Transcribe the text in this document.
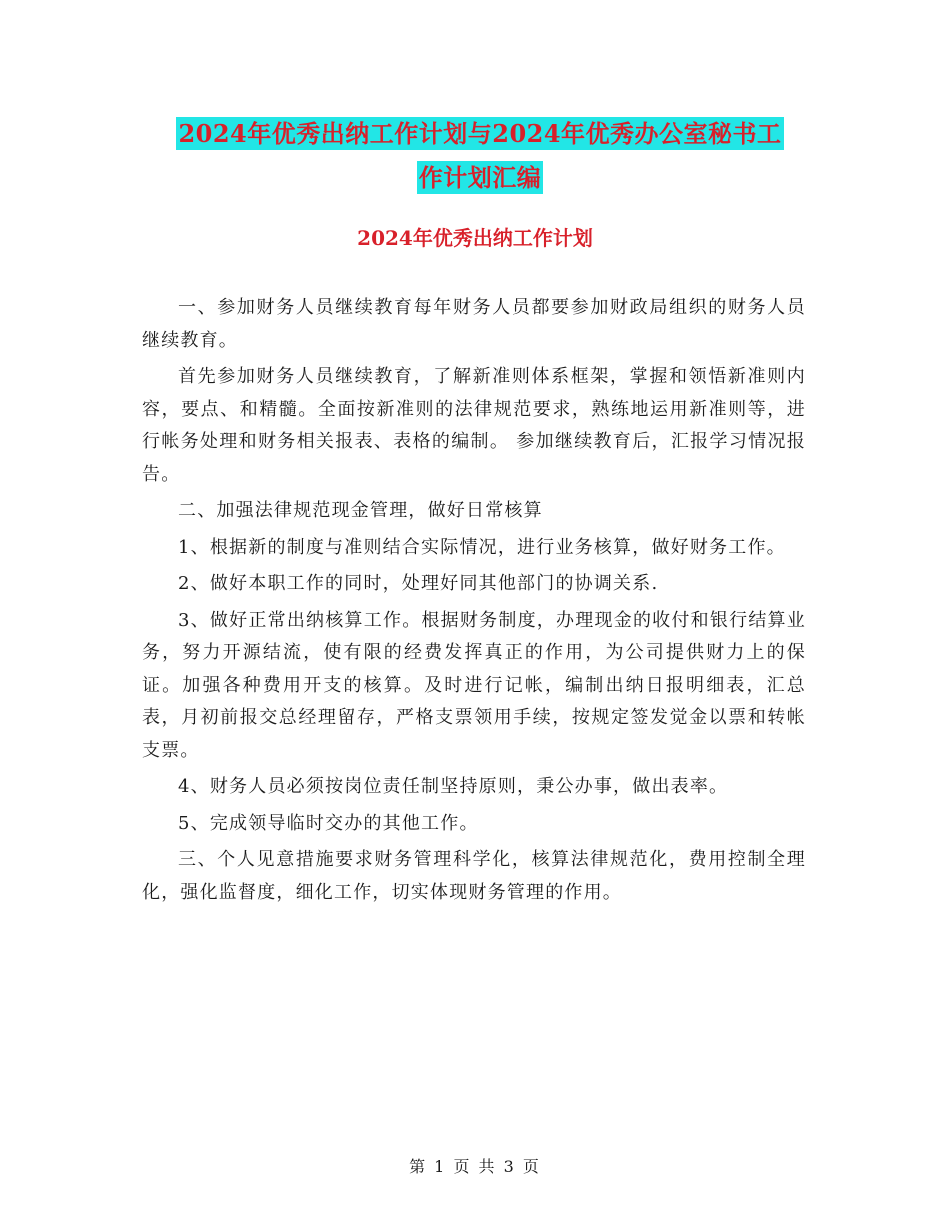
2024年优秀出纳工作计划与2024年优秀办公室秘书工
作计划汇编
2024年优秀出纳工作计划

一、参加财务人员继续教育每年财务人员都要参加财政局组织的财务人员继续教育。

首先参加财务人员继续教育，了解新准则体系框架，掌握和领悟新准则内容，要点、和精髓。全面按新准则的法律规范要求，熟练地运用新准则等，进行帐务处理和财务相关报表、表格的编制。 参加继续教育后，汇报学习情况报告。

二、加强法律规范现金管理，做好日常核算

1、根据新的制度与准则结合实际情况，进行业务核算，做好财务工作。

2、做好本职工作的同时，处理好同其他部门的协调关系.

3、做好正常出纳核算工作。根据财务制度，办理现金的收付和银行结算业务，努力开源结流，使有限的经费发挥真正的作用，为公司提供财力上的保证。加强各种费用开支的核算。及时进行记帐，编制出纳日报明细表，汇总表，月初前报交总经理留存，严格支票领用手续，按规定签发觉金以票和转帐支票。

4、财务人员必须按岗位责任制坚持原则，秉公办事，做出表率。

5、完成领导临时交办的其他工作。

三、个人见意措施要求财务管理科学化，核算法律规范化，费用控制全理化，强化监督度，细化工作，切实体现财务管理的作用。

第 1 页 共 3 页
